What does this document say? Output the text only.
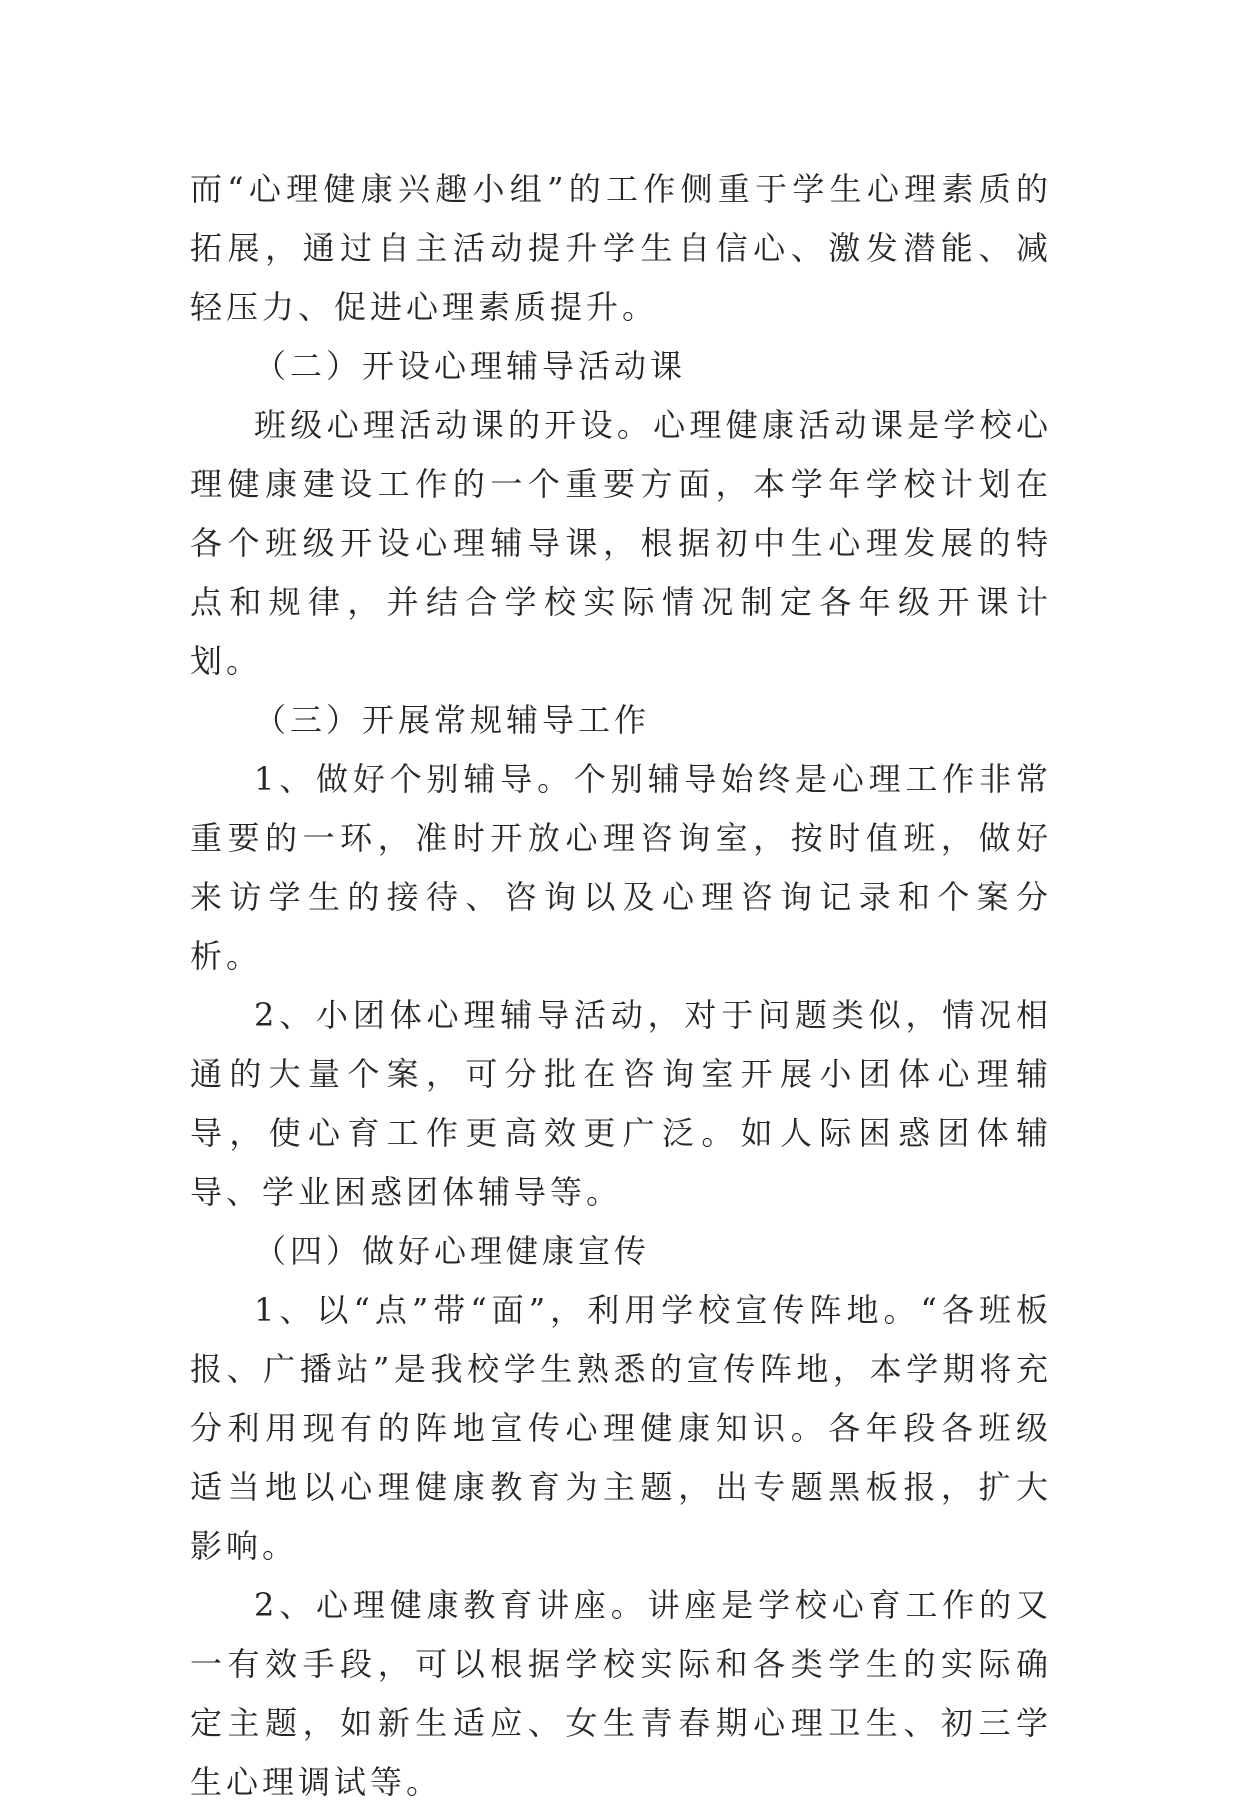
而“心理健康兴趣小组”的工作侧重于学生心理素质的拓展，通过自主活动提升学生自信心、激发潜能、减轻压力、促进心理素质提升。

（二）开设心理辅导活动课

班级心理活动课的开设。心理健康活动课是学校心理健康建设工作的一个重要方面，本学年学校计划在各个班级开设心理辅导课，根据初中生心理发展的特点和规律，并结合学校实际情况制定各年级开课计划。

（三）开展常规辅导工作

1、做好个别辅导。个别辅导始终是心理工作非常重要的一环，准时开放心理咨询室，按时值班，做好来访学生的接待、咨询以及心理咨询记录和个案分析。

2、小团体心理辅导活动，对于问题类似，情况相通的大量个案，可分批在咨询室开展小团体心理辅导，使心育工作更高效更广泛。如人际困惑团体辅导、学业困惑团体辅导等。

（四）做好心理健康宣传

1、以“点”带“面”，利用学校宣传阵地。“各班板报、广播站”是我校学生熟悉的宣传阵地，本学期将充分利用现有的阵地宣传心理健康知识。各年段各班级适当地以心理健康教育为主题，出专题黑板报，扩大影响。

2、心理健康教育讲座。讲座是学校心育工作的又一有效手段，可以根据学校实际和各类学生的实际确定主题，如新生适应、女生青春期心理卫生、初三学生心理调试等。
